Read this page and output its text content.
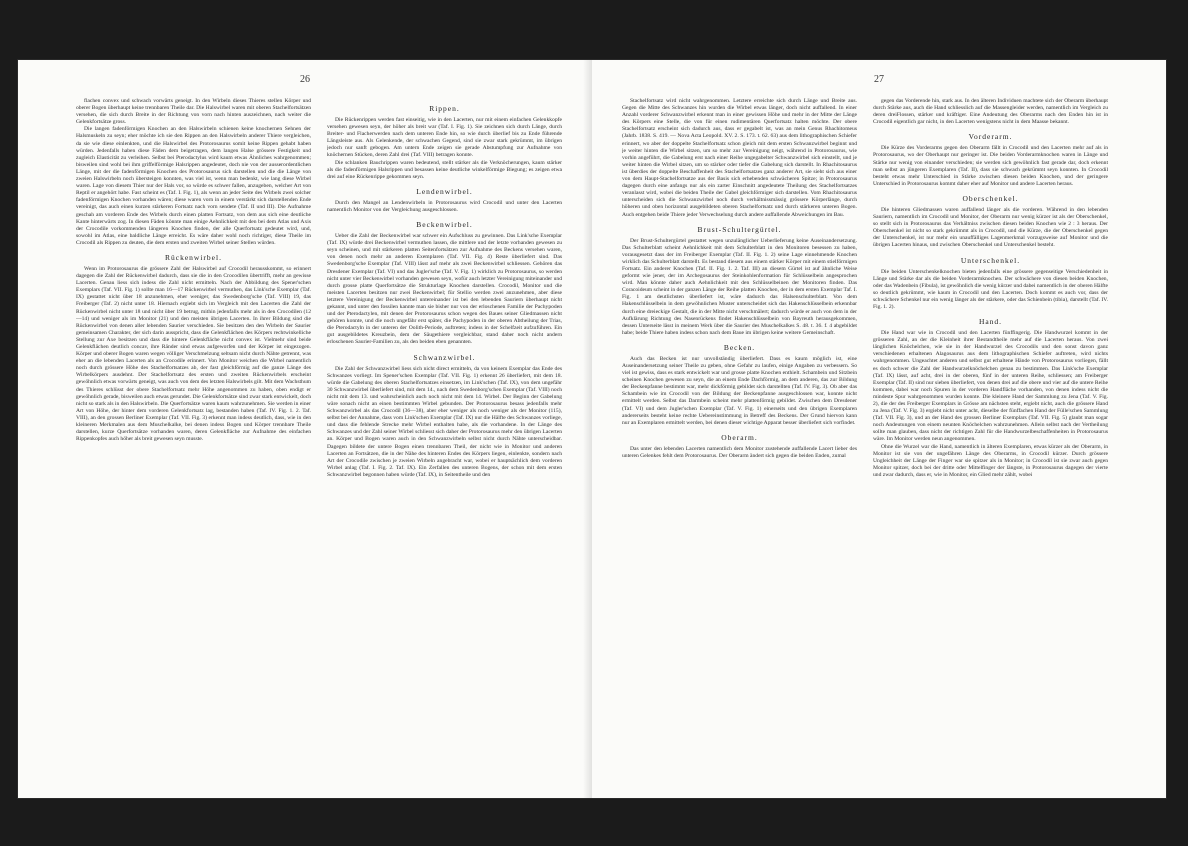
26

flachen convex und schwach vorwärts geneigt. In den Wirbeln dieses Thieres stellen Körper und oberer Bogen überhaupt keine trennbaren Theile dar. Die Halswirbel waren mit oberen Stachelfortsätzen versehen, die sich durch Breite in der Richtung von vorn nach hinten auszeichnen, nach weiter die Gelenkfortsätze gross.

Die langen fadenförmigen Knochen an den Halswirbeln schienen keine knochernen Sehnen der Halsmuskeln zu seyn; eher möchte ich sie den Rippen an den Halswirbeln anderer Thiere vergleichen, da sie wie diese einlenkten, und die Halswirbel des Protorosaurus somit keine Rippen gehabt haben würden. Jedenfalls haben diese Fäden dem beigetragen, dem langen Halse grössere Festigkeit und zugleich Elasticität zu verleihen. Selbst bei Pterodactylus wird kaum etwas Ähnliches wahrgenommen; bisweilen sind wohl bei ihm griffelförmige Halsrippen angedeutet, doch nie von der ausserordentlichen Länge, mit der die fadenförmigen Knochen des Protorosaurus sich darstellen und die die Länge von zweien Halswirbeln noch übersteigen konnten, was viel ist, wenn man bedenkt, wie lang diese Wirbel waren. Lage von diesem Thier nur der Hals vor, so würde es schwer fallen, anzugeben, welcher Art von Reptil er angehört habe. Fast scheint es (Taf. I. Fig. 1), als wenn an jeder Seite des Wirbels zwei solcher fadenförmigen Knochen vorhanden wären; diese waren vorn in einem verstärkt sich darstellenden Ende vereinigt, das auch einen kurzen stärkeren Fortsatz nach vorn sendete (Taf. II und III). Die Aufnahme geschah am vorderen Ende des Wirbels durch einen platten Fortsatz, von dem aus sich eine deutliche Kante hinterwärts zog. In diesen Fäden könnte man einige Aehnlichkeit mit den bei dem Atlas und Axis der Crocodile vorkommenden längeren Knochen finden, der alle Querfortsatz gedeutet wird, und, sowohl im Atlas, eine baldliche Länge erreicht. Es wäre daher wohl noch richtiger, diese Theile im Crocodil als Rippen zu deuten, die dem ersten und zweiten Wirbel seiner Stellen würden.

Rückenwirbel.

Wenn im Protorosaurus die grössere Zahl der Halswirbel auf Crocodil herausskommt, so erinnert dagegen die Zahl der Rückenwirbel dadurch, dass sie die in den Crocodilen übertrifft, mehr an gewisse Lacerten. Genau liess sich indess die Zahl nicht ermitteln. Nach der Abbildung des Spener'schen Exemplars (Taf. VII. Fig. 1) sollte man 16—17 Rückenwirbel vermuthen, das Link'sche Exemplar (Taf. IX) gestattet nicht über 18 anzunehmen, eher weniger, das Swedenborg'sche (Taf. VIII) 19, das Freiberger (Taf. 2) nicht unter 18. Hiernach ergiebt sich im Vergleich mit den Lacerten die Zahl der Rückenwirbel nicht unter 18 und nicht über 19 betrug, mithin jedenfalls mehr als in den Crocodilen (12—14) und weniger als im Monitor (21) und den meisten übrigen Lacerten. In ihrer Bildung sind die Rückenwirbel von denen aller lebenden Saurier verschieden. Sie besitzen den den Wirbeln der Saurier gemeinsamen Charakter, der sich darin ausspricht, dass die Gelenkflächen des Körpers rechtwinkelliche Stellung zur Axe besitzen und dass die hintere Gelenkfläche nicht convex ist. Vielmehr sind beide Gelenkflächen deutlich concav, ihre Ränder sind etwas aufgeworfen und der Körper ist eingezogen. Körper und oberer Bogen waren wegen völliger Verschmelzung seltsam nicht durch Nähte getrennt, was eher an die lebenden Lacerten als an Crocodile erinnert. Von Monitor weichen die Wirbel namentlich noch durch grössere Höhe des Stachelfortsatzes ab, der fast gleichförmig auf die ganze Länge des Wirbelkörpers ausdehnt. Der Stachelfortsatz des ersten und zweiten Rückenwirbels erscheint gewöhnlich etwas vorwärts geneigt, was auch von dem des letzten Halswirbels gilt. Mit dem Wachsthum des Thieres schlüsst der obere Stachelfortsatz mehr Höhe angenommen zu haben, oben endigt er gewöhnlich gerade, bisweilen auch etwas gerundet. Die Gelenkfortsätze sind zwar stark entwickelt, doch nicht so stark als in den Halswirbeln. Die Querfortsätze waren kaum wahrzunehmen. Sie werden in einer Art von Höhe, der hinter dem vorderen Gelenkfortsatz lag, bestanden haben (Taf. IV. Fig. 1. 2. Taf. VIII), an den grossen Berliner Exemplar (Taf. VII. Fig. 3) erkennt man indess deutlich, dass, wie in den kleineren Merkmalen aus dem Muschelkalke, bei denen indess Bogen und Körper trennbare Theile darstellen, kurze Querfortsätze vorhanden waren, deren Gelenkfläche zur Aufnahme des einfachen Rippenkopfes auch höher als breit gewesen seyn musste.

Rippen.

Die Rückenrippen werden fast einseitig, wie in den Lacerten, nur mit einem einfachen Gelenkkopfe versehen gewesen seyn, der höher als breit war (Taf. I. Fig. 1). Sie zeichnen sich durch Länge, durch Breiter- und Flacherwerden nach dem unteren Ende hin, so wie durch überlief bis zu Ende führende Längsleiste aus. Als Gelenkende, der schwachen Gegend, sind sie zwar stark gekrümmt, im übrigen jedoch nur sanft gebogen. Am untern Ende zeigen sie gerade Abstumpfung zur Aufnahme von knöchernen Stücken, deren Zahl drei (Taf. VIII) betragen konnte.

Die schlanken Bauchrippen waren bedeutend, stellt stärker als die Verknöcherungen, kaum stärker als die fadenförmigen Halsrippen und besassen keine deutliche winkelförmige Biegung; es zeigen etwa drei auf eine Rückenrippe gekommen seyn.

Lendenwirbel.

Durch den Mangel an Lendenwirbeln in Protorosaurus wird Crocodil und unter den Lacerten namentlich Monitor von der Vergleichung ausgeschlossen.

Beckenwirbel.

Ueber die Zahl der Beckenwirbel war schwer ein Aufschluss zu gewinnen. Das Link'sche Exemplar (Taf. IX) würde drei Beckenwirbel vermuthen lassen, die mittlere und der letzte vorhanden gewesen zu seyn scheinen, und mit stärkeren platten Seitenfortsätzen zur Aufnahme des Beckens versehen waren, von denen noch mehr an anderen Exemplaren (Taf. VII. Fig. 4) Reste überliefert sind. Das Swedenborg'sche Exemplar (Taf. VIII) lässt auf mehr als zwei Beckenwirbel schliessen. Gehören das Dresdener Exemplar (Taf. VI) und das Jugler'sche (Taf. V. Fig. 1) wirklich zu Protorosaurus, so werden nicht unter vier Beckenwirbel vorhanden gewesen seyn, wofür auch letzter Vereinigung miteinander und durch grosse platte Querfortsätze die Strukturlage Knochen darstellen. Crocodil, Monitor und die meisten Lacerten besitzen nur zwei Beckenwirbel; für Stellio werden zwei anzunehmen, aber diese letztere Vereinigung der Beckenwirbel untereinander ist bei den lebenden Sauriern überhaupt nicht gekannt, und unter den fossilen kannte man sie bisher nur von der erloschenen Familie der Pachypoden und der Pterodactylen, mit denen der Protorosaurus schon wegen des Baues seiner Gliedmassen nicht gehören konnte, und die noch ungefähr erst später, die Pachypoden in der oberen Abtheilung der Trias, die Pterodactyln in der unteren der Oolith-Periode, auftreten; indess in der Schelfzeit aufzuführen. Ein gut ausgebildetes Kreuzbein, dem der Säugethiere vergleichbar, stand daher noch nicht andern erloschenen Saurier-Familien zu, als den beiden eben genannten.

Schwanzwirbel.

Die Zahl der Schwanzwirbel liess sich nicht direct ermitteln, da von keinem Exemplar das Ende des Schwanzes vorliegt. Im Spener'schen Exemplar (Taf. VII. Fig. 1) erkennt 26 überliefert, mit dem 18. würde die Gabelung des oberen Stachelfortsatzes einsetzen, im Link'schen (Taf. IX), von dem ungefähr 30 Schwanzwirbel überliefert sind, mit dem 14., nach dem Swedenborg'schen Exemplar (Taf. VIII) noch nicht mit dem 13. und wahrscheinlich auch noch nicht mit dem 14. Wirbel. Der Beginn der Gabelung wäre sonach nicht an einen bestimmten Wirbel gebunden. Der Protorosaurus besass jedenfalls mehr Schwanzwirbel als das Crocodil (36—38), aber eher weniger als noch weniger als der Monitor (115), selbst bei der Annahme, dass vom Link'schen Exemplar (Taf. IX) nur die Hälfte des Schwanzes vorliege, und dass die fehlende Strecke mehr Wirbel enthalten habe, als die vorhandene. In der Länge des Schwanzes und der Zahl seiner Wirbel schliesst sich daher der Protorosaurus mehr den übrigen Lacerten an. Körper und Bogen waren auch in den Schwanzwirbeln selbst nicht durch Nähte unterscheidbar. Dagegen bildete der untere Bogen einen trennbaren Theil, der nicht wie in Monitor und anderen Lacerten an Fortsätzen, die in der Nähe des hinteren Endes des Körpers liegen, einlenkte, sondern nach Art der Crocodile zwischen je zweien Wirbeln angebracht war, wobei er hauptsächlich dem vorderen Wirbel anlag (Taf. I. Fig. 2. Taf. IX). Ein Zerfallen des unteren Bogens, der schon mit dem ersten Schwanzwirbel begonnen haben würde (Taf. IX), in Seitentheile und den

27

Stachelfortsatz wird nicht wahrgenommen. Letztere erreichte sich durch Länge und Breite aus. Gegen die Mitte des Schwanzes hin wurden die Wirbel etwas länger, doch nicht auffallend. In einer Anzahl vorderer Schwanzwirbel erkennt man in einer gewissen Höhe und mehr in der Mitte der Länge des Körpers eine Stelle, die von für einen rudimentären Querfortsatz halten möchte. Der obere Stachelfortsatz erscheint sich dadurch aus, dass er gegabelt ist, was an mein Genus Rhachitomeus (Jahrb. 1838. S. 419. — Nova Acta Leopold. XV. 2. S. 173. t. 62. 63) aus dem lithographischen Schiefer erinnert, wo aber der doppelte Stachelfortsatz schon gleich mit dem ersten Schwanzwirbel beginnt und je weiter hinten die Wirbel sitzen, um so mehr zur Vereinigung neigt, während in Protorosaurus, wie vorhin angeführt, die Gabelung erst nach einer Reihe ungegabelter Schwanzwirbel sich einstellt, und je weiter hinten die Wirbel sitzen, um so stärker oder tiefer die Gabelung sich darstellt. In Rhachitosaurus ist überdies der doppelte Beschaffenheit des Stachelfortsatzes ganz anderer Art, sie sieht sich aus einer von dem Haupt-Stachelfortsatze aus der Basis sich erhebenden schwächeren Spitze; in Protorosaurus dagegen durch eine anfangs nur als ein zarter Einschnitt angedeutete Theilung des Stachelfortsatzes veranlasst wird, wobei die beiden Theile der Gabel gleichförmiger sich darstellen. Vom Rhachitosaurus unterscheiden sich die Schwanzwirbel noch durch verhältnissmässig grössere Körperlänge, durch höheren und oben horizontal ausgebildeten oberen Stachelfortsatz und durch stärkeren unteren Bogen. Auch entgehen beide Thiere jeder Verwechselung durch andere auffallende Abweichungen im Bau.

Brust-Schultergürtel.

Der Brust-Schultergürtel gestattet wegen unzulänglicher Ueberlieferung keine Auseinandersetzung. Das Schulterblatt scheint Aehnlichkeit mit dem Schulterblatt in den Monitoren besessen zu haben, vorausgesetzt dass der im Freiberger Exemplar (Taf. II. Fig. 1. 2) seine Lage einnehmende Knochen wirklich das Schulterblatt darstellt. Es bestand diesem aus einem stärker Körper mit einem stielförmigen Fortsatz. Ein anderer Knochen (Taf. II. Fig. 1. 2. Taf. III) an diesem Gürtel ist auf ähnliche Weise geformt wie jener, der im Archegosaurus der Steinkohlenformation für Schlüsselbein angesprochen wird. Man könnte daher auch Aehnlichkeit mit den Schlüsselbeinen der Monitoren finden. Das Coracoideum scheint in der ganzen Länge der Reihe platten Knochen, der in dem ersten Exemplar Taf. I. Fig. 1 am deutlichsten überliefert ist, wäre dadurch das Halsenschulterblatt. Von dem Hakenschlüsselbein in dem gewöhnlichen Muster unterscheidet sich das Hakenschlüsselbein erkennbar durch eine dreieckige Gestalt, die in der Mitte nicht verschmälert; dadurch würde er auch von dem in der Aufklärung Richtung des Nasenrückens findet Hakenschlüsselbein von Bayreuth herausgekommen, dessen Unterseite lässt in meinem Werk über die Saurier des Muschelkalkes S. 48. t. 36. f. 4 abgebildet habe; beide Thiere haben indess schon nach dem Baue im übrigen keine weitere Gemeinschaft.

Becken.

Auch das Becken ist nur unvollständig überliefert. Dass es kaum möglich ist, eine Auseinandersetzung seiner Theile zu geben, ohne Gefahr zu laufen, einige Angaben zu verbessern. So viel ist gewiss, dass es stark entwickelt war und grosse platte Knochen enthielt. Schambein und Sitzbein scheinen Knochen gewesen zu seyn, die an einem Ende Dachförmig, an dem anderen, das zur Bildung der Beckenpfanne bestimmt war, mehr dickförmig gebildet sich darstellten (Taf. IV. Fig. 3). Ob aber das Schambein wie im Crocodil von der Bildung der Beckenpfanne ausgeschlossen war, konnte nicht ermittelt werden. Selbst das Darmbein scheint mehr plattenförmig gebildet. Zwischen dem Dresdener (Taf. VI) und dem Jugler'schen Exemplar (Taf. V. Fig. 1) einerseits und den übrigen Exemplaren andererseits besteht keine rechte Uebereinstimmung in Betreff des Beckens. Der Grund hiervon kann nur an Exemplaren ermittelt werden, bei denen dieser wichtige Apparat besser überliefert sich vorfindet.

Oberarm.

Das unter den lebenden Lacerten namentlich dem Monitor zustehende auffallende Lacert lieber des unteren Gelenkes fehlt dem Protorosaurus. Der Oberarm ändert sich gegen die beiden Enden, zumal

gegen das Vorderende hin, stark aus. In den älteren Individuen machtete sich der Oberarm überhaupt durch Stärke aus, auch die Hand schliesslich auf die Massengleider werden, namentlich im Vergleich zu deren dreiFlossen, stärker und kräftiger. Eine Andeutung des Oberarms nach den Enden hin ist in Crocodil eigentlich gar nicht, in den Lacerten wenigstens nicht in dem Maasse bekannt.

Vorderarm.

Die Kürze des Vorderarms gegen den Oberarm fällt in Crocodil und den Lacerten mehr auf als in Protorosaurus, wo der Oberhaupt nur geringer ist. Die beiden Vorderarmknochen waren in Länge und Stärke nur wenig von einander verschieden; sie werden sich gewöhnlich fast gerade dar, doch erkennt man selbst an jüngeren Exemplaren (Taf. II), dass sie schwach gekrümmt seyn konnten. In Crocodil besteht etwas mehr Unterschied in Stärke zwischen diesen beiden Knochen, und der geringere Unterschied in Protorosaurus kommt daher eher auf Monitor und andere Lacerten heraus.

Oberschenkel.

Die hinteren Gliedmassen waren auffallend länger als die vorderen. Während in den lebenden Sauriern, namentlich im Crocodil und Monitor, der Oberarm nur wenig kürzer ist als der Oberschenkel, so stellt sich in Protorosaurus das Verhältniss zwischen diesen beiden Knochen wie 2 : 3 heraus. Der Oberschenkel ist nicht so stark gekrümmt als in Crocodil, und die Kürze, die der Oberschenkel gegen der Unterschenkel, ist nur mehr ein unauffälliges Lagenmerkmal vorzugsweise auf Monitor und die übrigen Lacerten hinaus, und zwischen Oberschenkel und Unterschenkel besteht.

Unterschenkel.

Die beiden Unterschenkelknochen bieten jedenfalls eine grössere gegenseitige Verschiedenheit in Länge und Stärke dar als die beiden Vorderarmknochen. Der schwächere von diesen beiden Knochen, oder das Wadenbein (Fibula), ist gewöhnlich die wenig kürzer und dabei namentlich in der oberen Hälfte so deutlich gekrümmt, wie kaum in Crocodil und den Lacerten. Doch kommt es auch vor, dass der schwächere Schenkel nur ein wenig länger als der stärkere, oder das Schienbein (tibia), darstellt (Taf. IV. Fig. 1. 2).

Hand.

Die Hand war wie in Crocodil und den Lacerten fünffingerig. Die Handwurzel kommt in der grösseren Zahl, an der die Kleinheit ihrer Bestandtheile mehr auf die Lacerten heraus. Von zwei länglichen Knöchelchen, wie sie in der Handwurzel des Crocodils und den sonst davon ganz verschiedenen erhaltenen Alagosaurus aus dem lithographischen Schiefer auftreten, wird nichts wahrgenommen. Ungeachtet anderen und selbst gut erhaltene Hände von Protorosaurus vorliegen, fällt es doch schwer die Zahl der Handwurzelknöchelchen genau zu bestimmen. Das Link'sche Exemplar (Taf. IX) lässt, auf acht, drei in der oberen, fünf in der unteren Reihe, schliessen; am Freiberger Exemplar (Taf. II) sind nur sieben überliefert, von denen drei auf die obere und vier auf die untere Reihe kommen, dabei war noch Spuren in der vorderen Handfläche vorhanden, von denen indess nicht die mindeste Spur wahrgenommen wurden konnte. Die kleinere Hand der Sammlung zu Jena (Taf. V. Fig. 2), die der des Freiberger Exemplars in Grösse am nächsten steht, ergiebt nicht, auch die grössere Hand zu Jena (Taf. V. Fig. 3) ergiebt nicht unter acht, dieselbe der fünffachen Hand der Fülle'schen Sammlung (Taf. VII. Fig. 3), und an der Hand des grossen Berliner Exemplars (Taf. VII. Fig. 5) glaubt man sogar noch Andeutungen von einem neunten Knöchelchen wahrzunehmen. Allein selbst nach der Vertheilung sollte man glauben, dass nicht der richtigen Zahl für die Handwurzelbeschaffenheiten in Protorosaurus wäre. Im Monitor werden neun angenommen.

Ohne die Wurzel war die Hand, namentlich in älteren Exemplaren, etwas kürzer als der Oberarm, in Monitor ist sie von der ungefähren Länge des Oberarms, in Crocodil kürzer. Durch grössere Ungleichheit der Länge der Finger war sie spitzer als in Monitor; in Crocodil ist sie zwar auch gegen Monitor spitzer, doch bei der dritte oder Mittelfinger der längste, in Protorosaurus dagegen der vierte und zwar dadurch, dass er, wie in Monitor, ein Glied mehr zählt, wobei
